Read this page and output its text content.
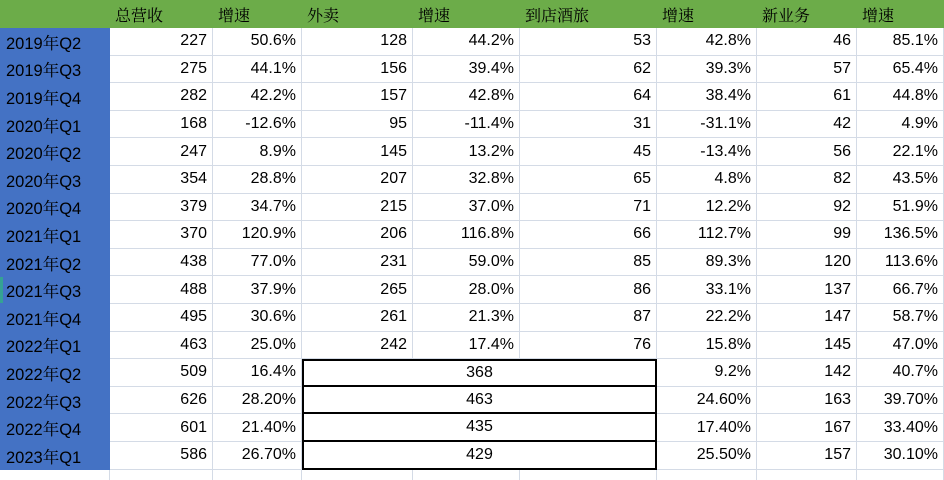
	总营收	增速	外卖	增速	到店酒旅	增速	新业务	增速
2019年Q2	227	50.6%	128	44.2%	53	42.8%	46	85.1%
2019年Q3	275	44.1%	156	39.4%	62	39.3%	57	65.4%
2019年Q4	282	42.2%	157	42.8%	64	38.4%	61	44.8%
2020年Q1	168	-12.6%	95	-11.4%	31	-31.1%	42	4.9%
2020年Q2	247	8.9%	145	13.2%	45	-13.4%	56	22.1%
2020年Q3	354	28.8%	207	32.8%	65	4.8%	82	43.5%
2020年Q4	379	34.7%	215	37.0%	71	12.2%	92	51.9%
2021年Q1	370	120.9%	206	116.8%	66	112.7%	99	136.5%
2021年Q2	438	77.0%	231	59.0%	85	89.3%	120	113.6%
2021年Q3	488	37.9%	265	28.0%	86	33.1%	137	66.7%
2021年Q4	495	30.6%	261	21.3%	87	22.2%	147	58.7%
2022年Q1	463	25.0%	242	17.4%	76	15.8%	145	47.0%
2022年Q2	509	16.4%	368			9.2%	142	40.7%
2022年Q3	626	28.20%	463			24.60%	163	39.70%
2022年Q4	601	21.40%	435			17.40%	167	33.40%
2023年Q1	586	26.70%	429			25.50%	157	30.10%
